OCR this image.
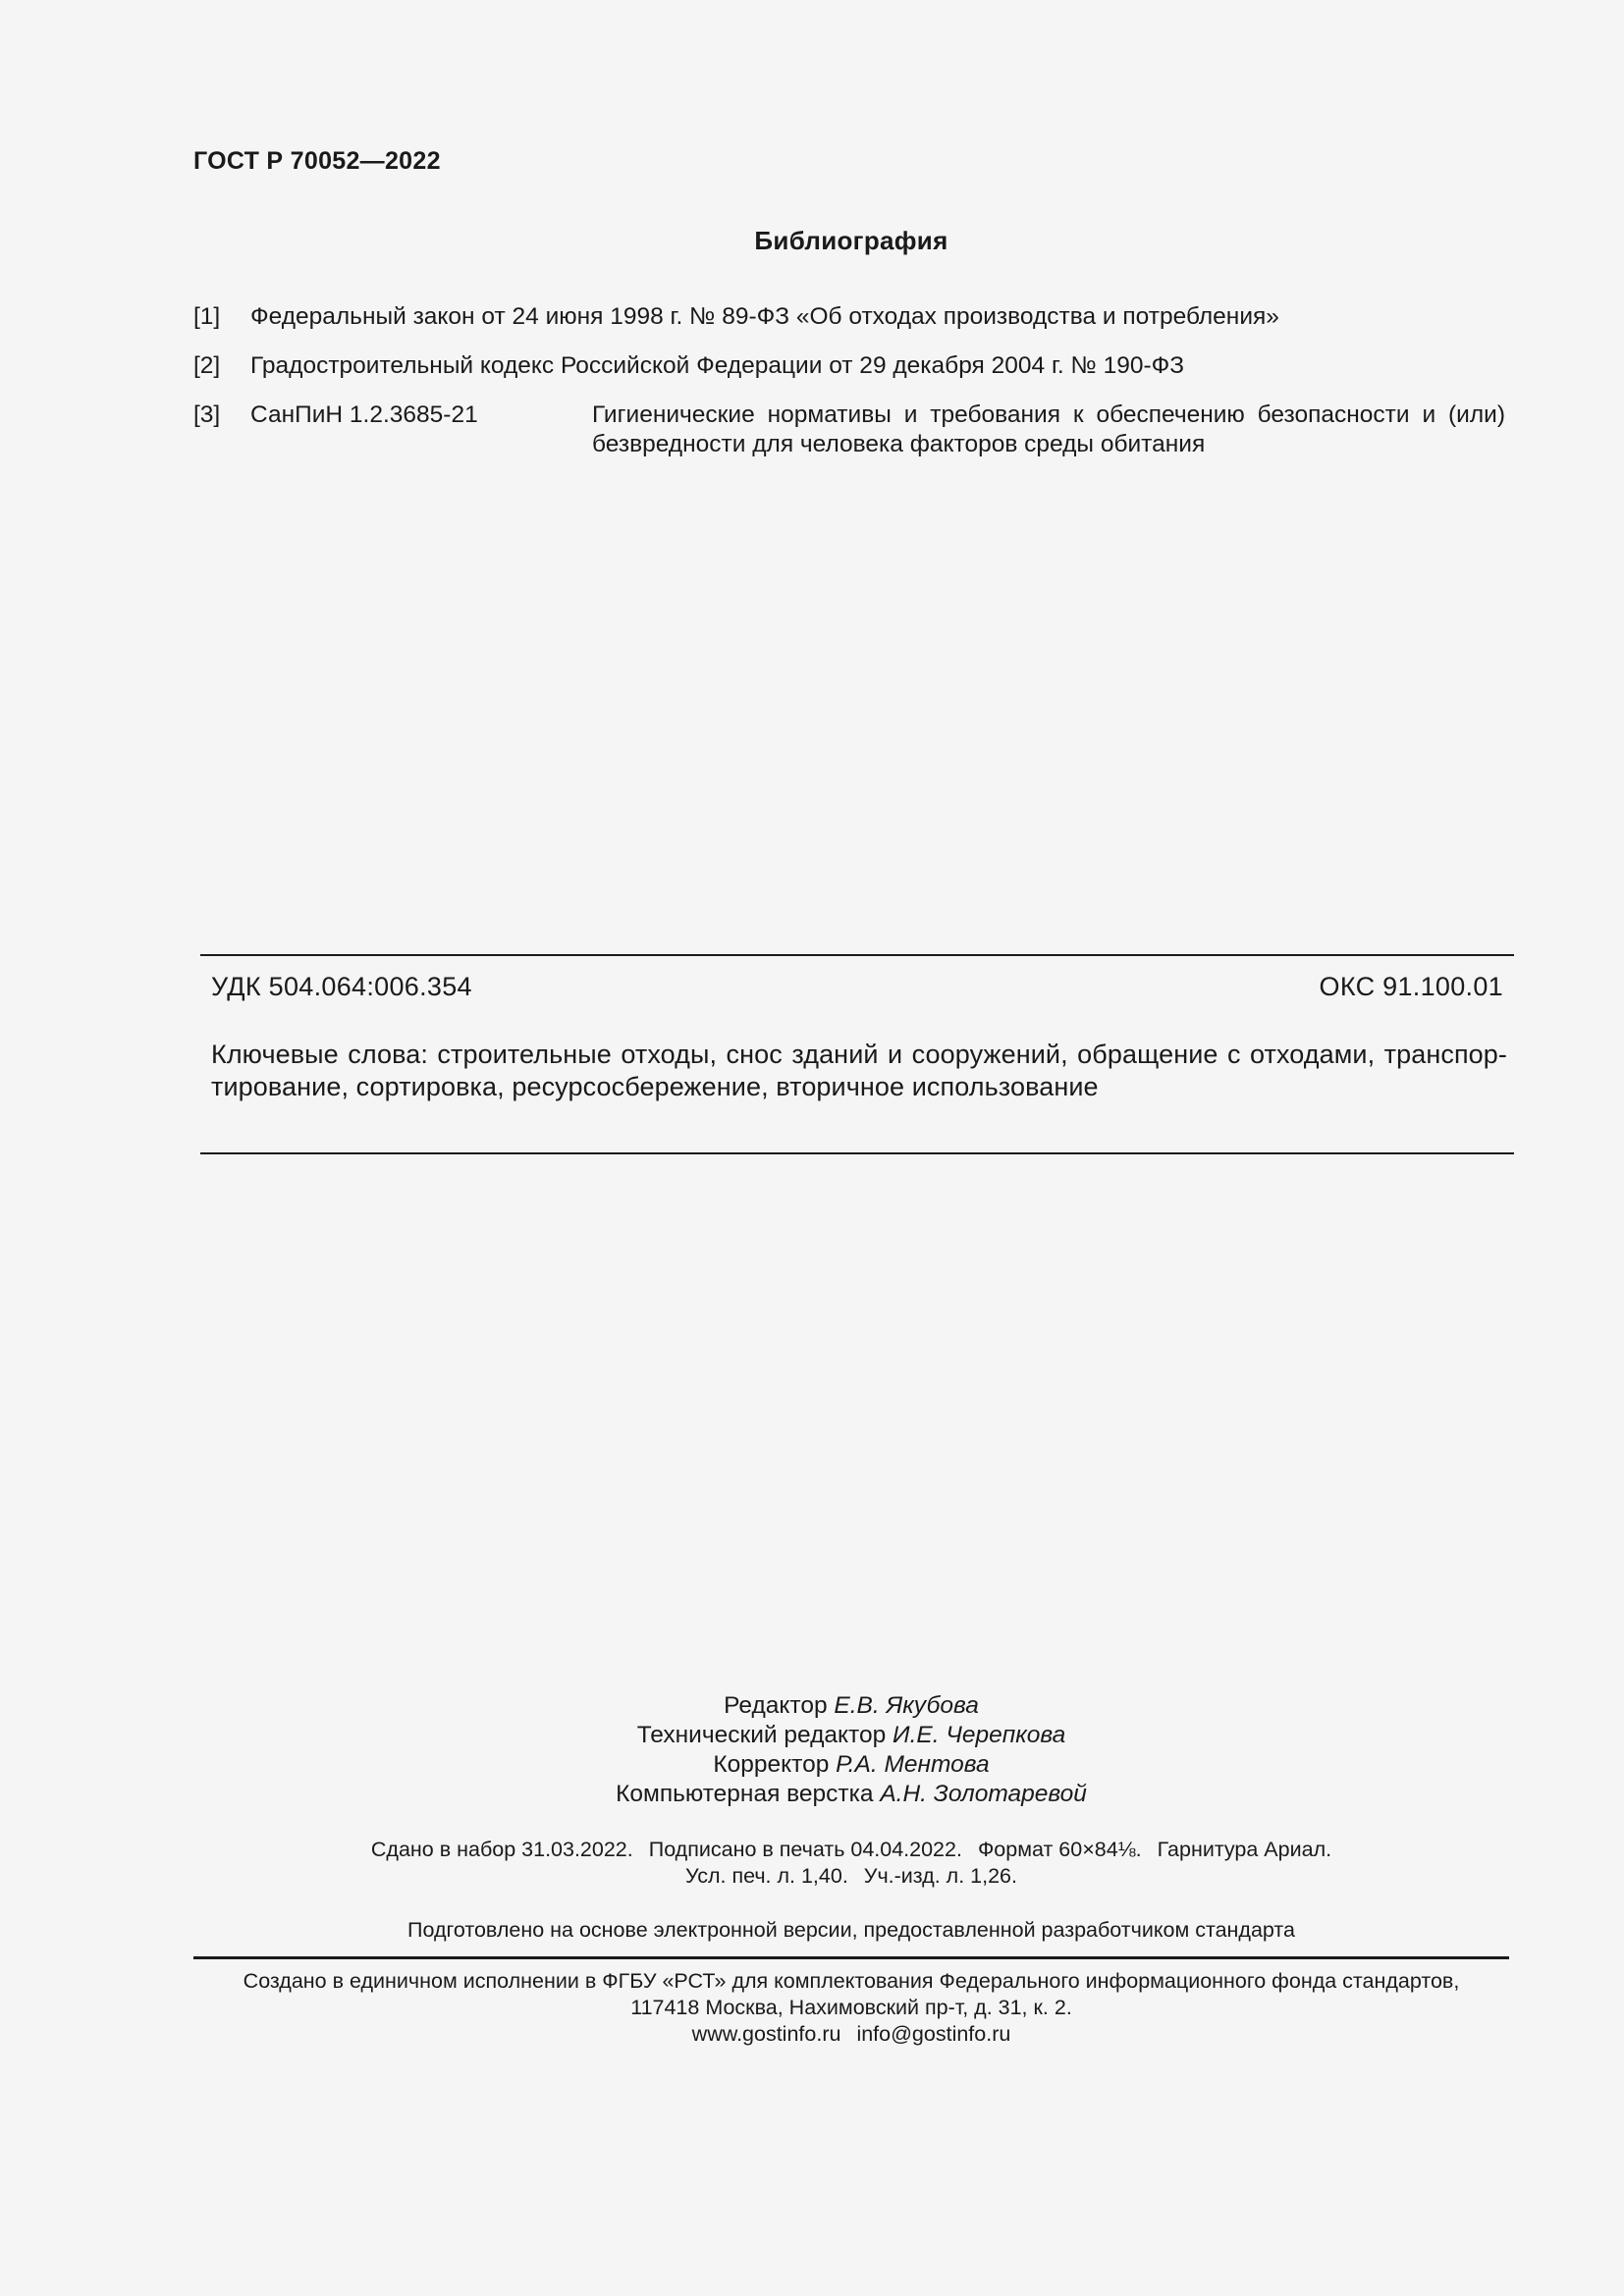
ГОСТ Р 70052—2022
Библиография
[1] Федеральный закон от 24 июня 1998 г. № 89-ФЗ «Об отходах производства и потребления»
[2] Градостроительный кодекс Российской Федерации от 29 декабря 2004 г. № 190-ФЗ
[3] СанПиН 1.2.3685-21	Гигиенические нормативы и требования к обеспечению безопасности и (или) безвредности для человека факторов среды обитания
УДК 504.064:006.354	ОКС 91.100.01
Ключевые слова: строительные отходы, снос зданий и сооружений, обращение с отходами, транспор-тирование, сортировка, ресурсосбережение, вторичное использование
Редактор Е.В. Якубова
Технический редактор И.Е. Черепкова
Корректор Р.А. Ментова
Компьютерная верстка А.Н. Золотаревой
Сдано в набор 31.03.2022. Подписано в печать 04.04.2022. Формат 60×84⅛. Гарнитура Ариал.
Усл. печ. л. 1,40. Уч.-изд. л. 1,26.
Подготовлено на основе электронной версии, предоставленной разработчиком стандарта
Создано в единичном исполнении в ФГБУ «РСТ» для комплектования Федерального информационного фонда стандартов,
117418 Москва, Нахимовский пр-т, д. 31, к. 2.
www.gostinfo.ru info@gostinfo.ru
